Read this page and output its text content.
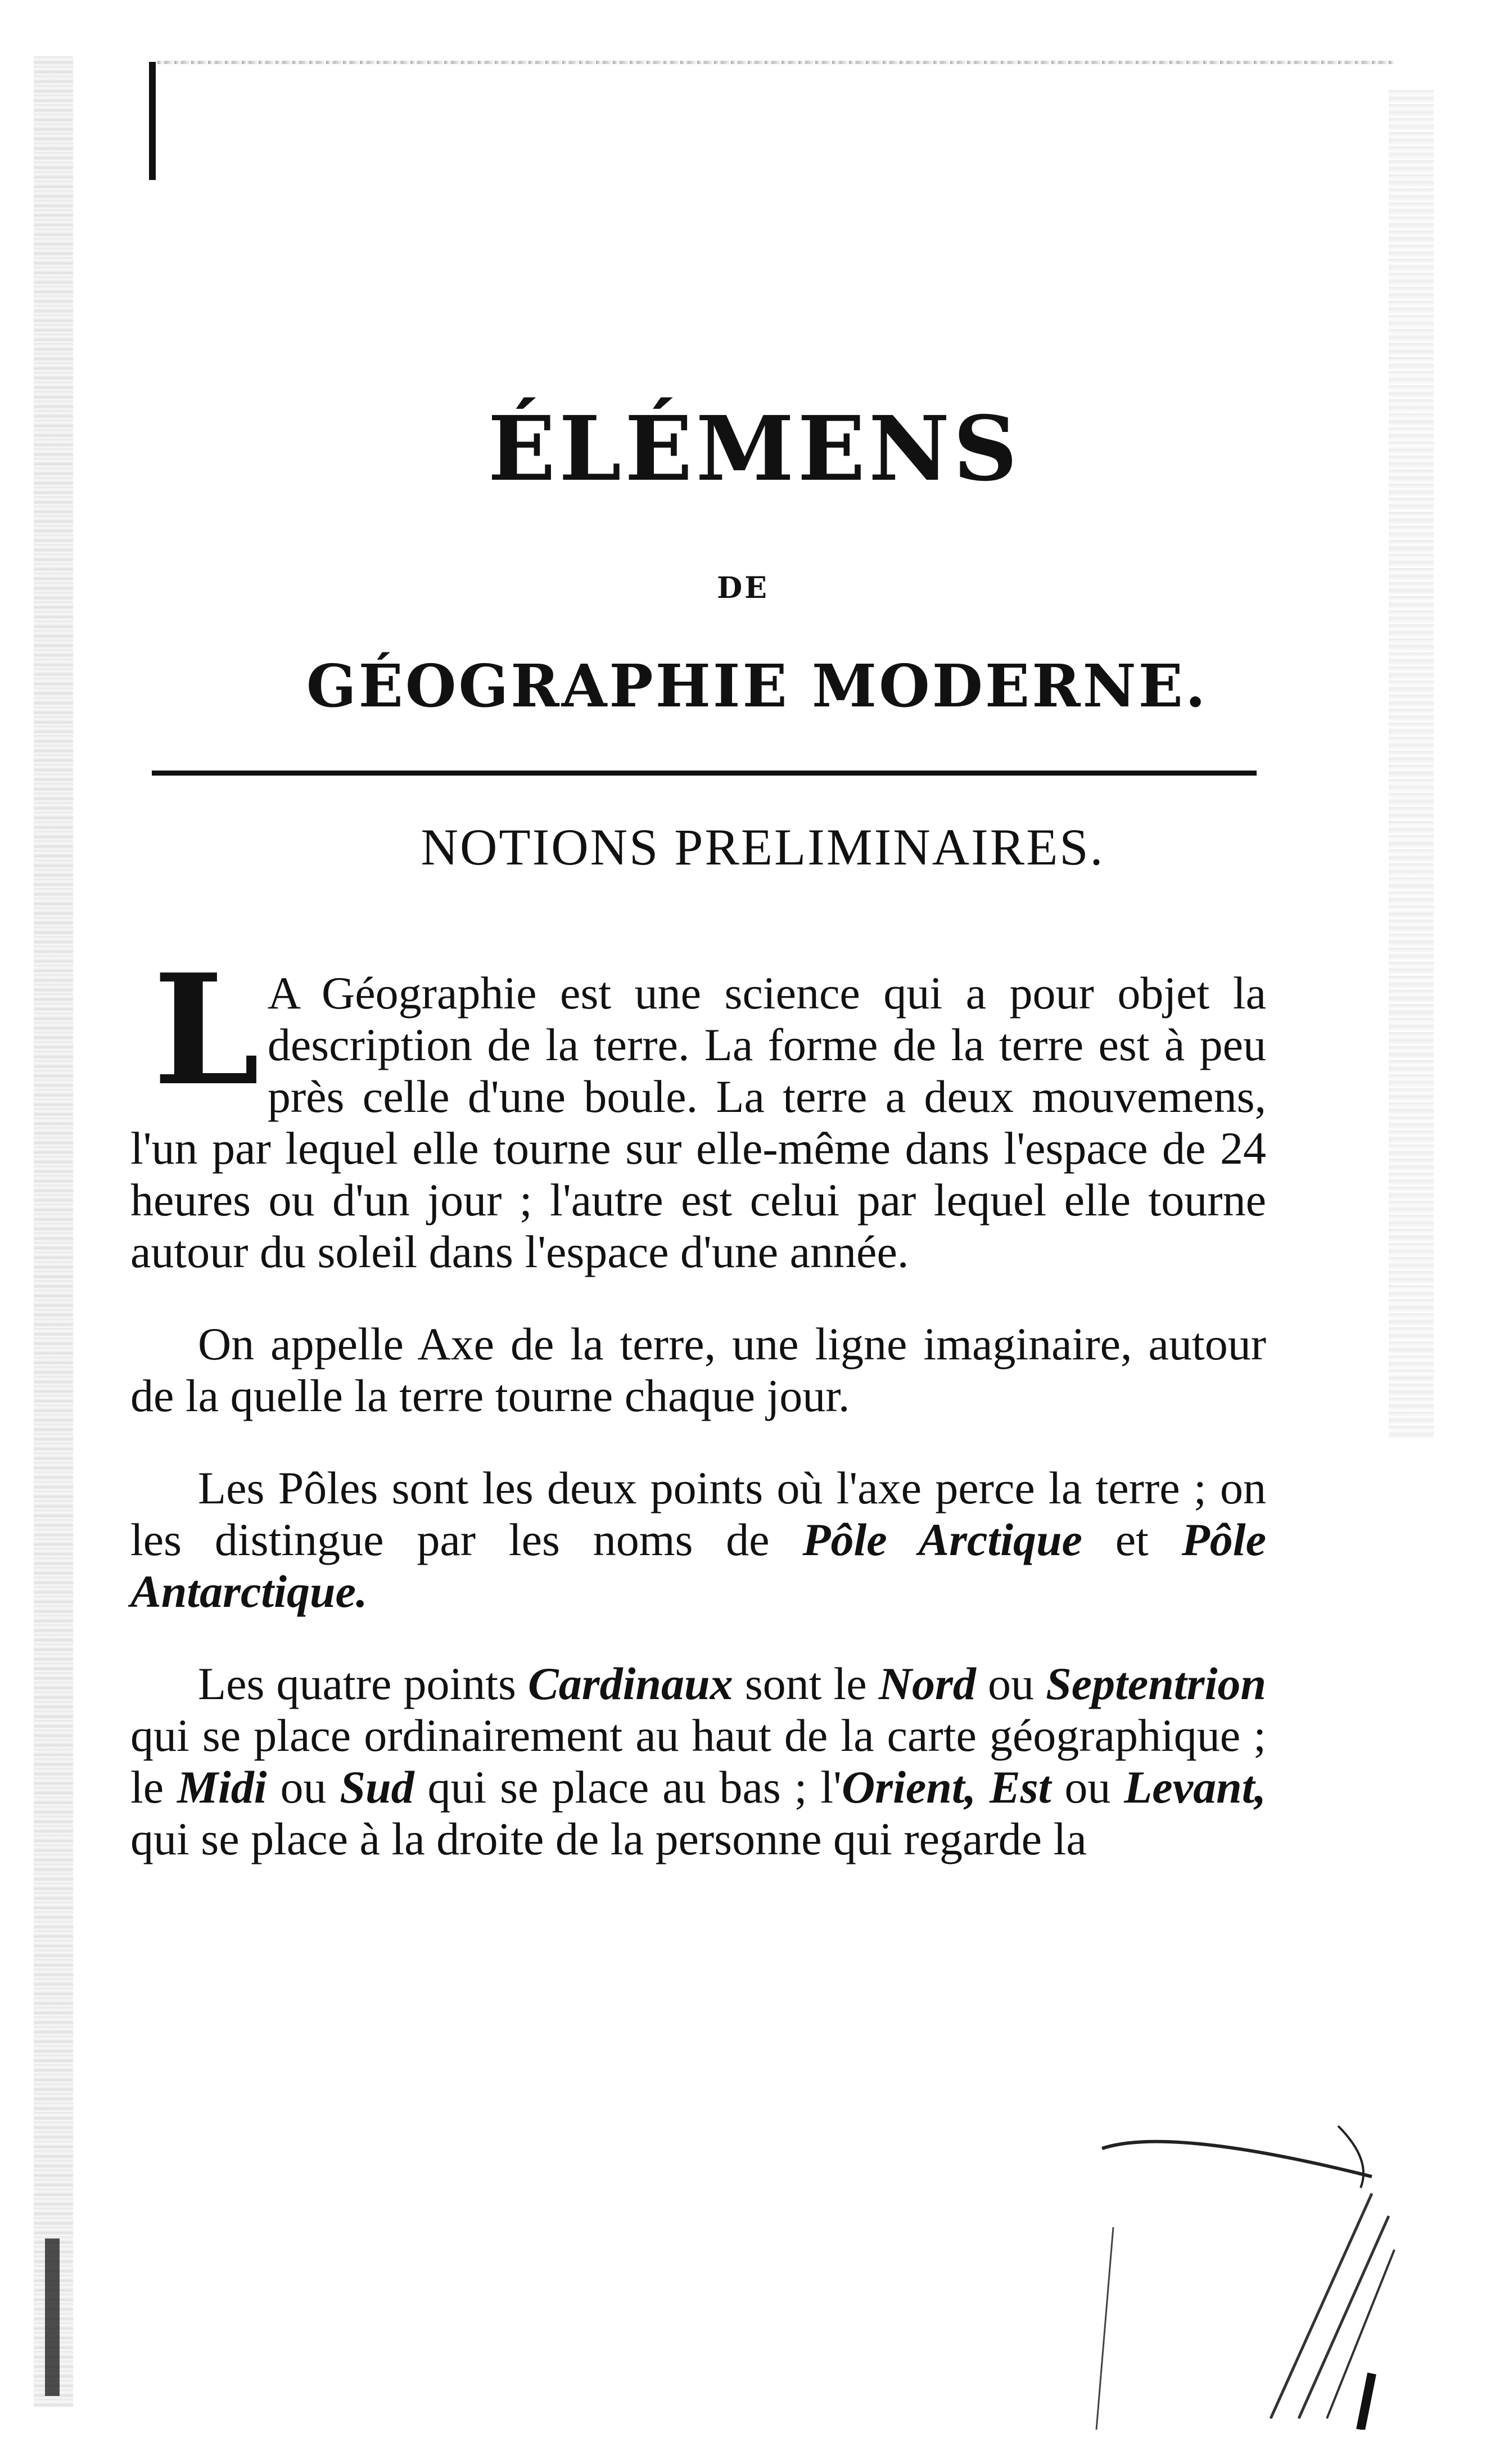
ÉLÉMENS
DE
GÉOGRAPHIE MODERNE.
NOTIONS PRELIMINAIRES.

L A Géographie est une science qui a pour objet la description de la terre. La forme de la terre est à peu près celle d'une boule. La terre a deux mouvemens, l'un par lequel elle tourne sur elle-même dans l'espace de 24 heures ou d'un jour ; l'autre est celui par lequel elle tourne autour du soleil dans l'espace d'une année.

On appelle Axe de la terre, une ligne imaginaire, autour de la quelle la terre tourne chaque jour.

Les Pôles sont les deux points où l'axe perce la terre ; on les distingue par les noms de Pôle Arctique et Pôle Antarctique.

Les quatre points Cardinaux sont le Nord ou Septentrion qui se place ordinairement au haut de la carte géographique ; le Midi ou Sud qui se place au bas ; l'Orient, Est ou Levant, qui se place à la droite de la personne qui regarde la
